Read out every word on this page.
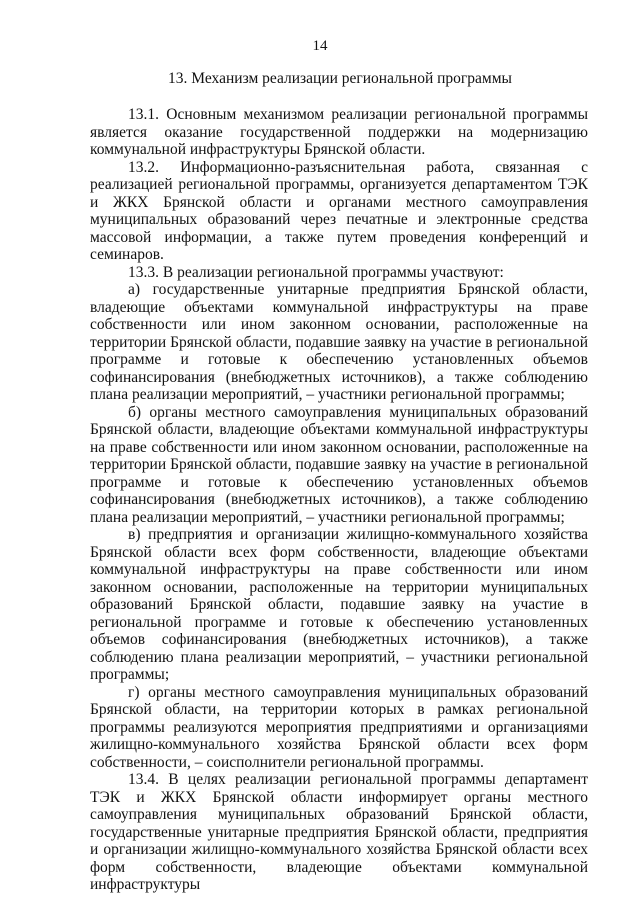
14
13. Механизм реализации региональной программы

13.1. Основным механизмом реализации региональной программы является оказание государственной поддержки на модернизацию коммунальной инфраструктуры Брянской области.

13.2. Информационно-разъяснительная работа, связанная с реализацией региональной программы, организуется департаментом ТЭК и ЖКХ Брянской области и органами местного самоуправления муниципальных образований через печатные и электронные средства массовой информации, а также путем проведения конференций и семинаров.

13.3. В реализации региональной программы участвуют:

а) государственные унитарные предприятия Брянской области, владеющие объектами коммунальной инфраструктуры на праве собственности или ином законном основании, расположенные на территории Брянской области, подавшие заявку на участие в региональной программе и готовые к обеспечению установленных объемов софинансирования (внебюджетных источников), а также соблюдению плана реализации мероприятий, – участники региональной программы;

б) органы местного самоуправления муниципальных образований Брянской области, владеющие объектами коммунальной инфраструктуры на праве собственности или ином законном основании, расположенные на территории Брянской области, подавшие заявку на участие в региональной программе и готовые к обеспечению установленных объемов софинансирования (внебюджетных источников), а также соблюдению плана реализации мероприятий, – участники региональной программы;

в) предприятия и организации жилищно-коммунального хозяйства Брянской области всех форм собственности, владеющие объектами коммунальной инфраструктуры на праве собственности или ином законном основании, расположенные на территории муниципальных образований Брянской области, подавшие заявку на участие в региональной программе и готовые к обеспечению установленных объемов софинансирования (внебюджетных источников), а также соблюдению плана реализации мероприятий, – участники региональной программы;

г) органы местного самоуправления муниципальных образований Брянской области, на территории которых в рамках региональной программы реализуются мероприятия предприятиями и организациями жилищно-коммунального хозяйства Брянской области всех форм собственности, – соисполнители региональной программы.

13.4. В целях реализации региональной программы департамент ТЭК и ЖКХ Брянской области информирует органы местного самоуправления муниципальных образований Брянской области, государственные унитарные предприятия Брянской области, предприятия и организации жилищно-коммунального хозяйства Брянской области всех форм собственности, владеющие объектами коммунальной инфраструктуры
